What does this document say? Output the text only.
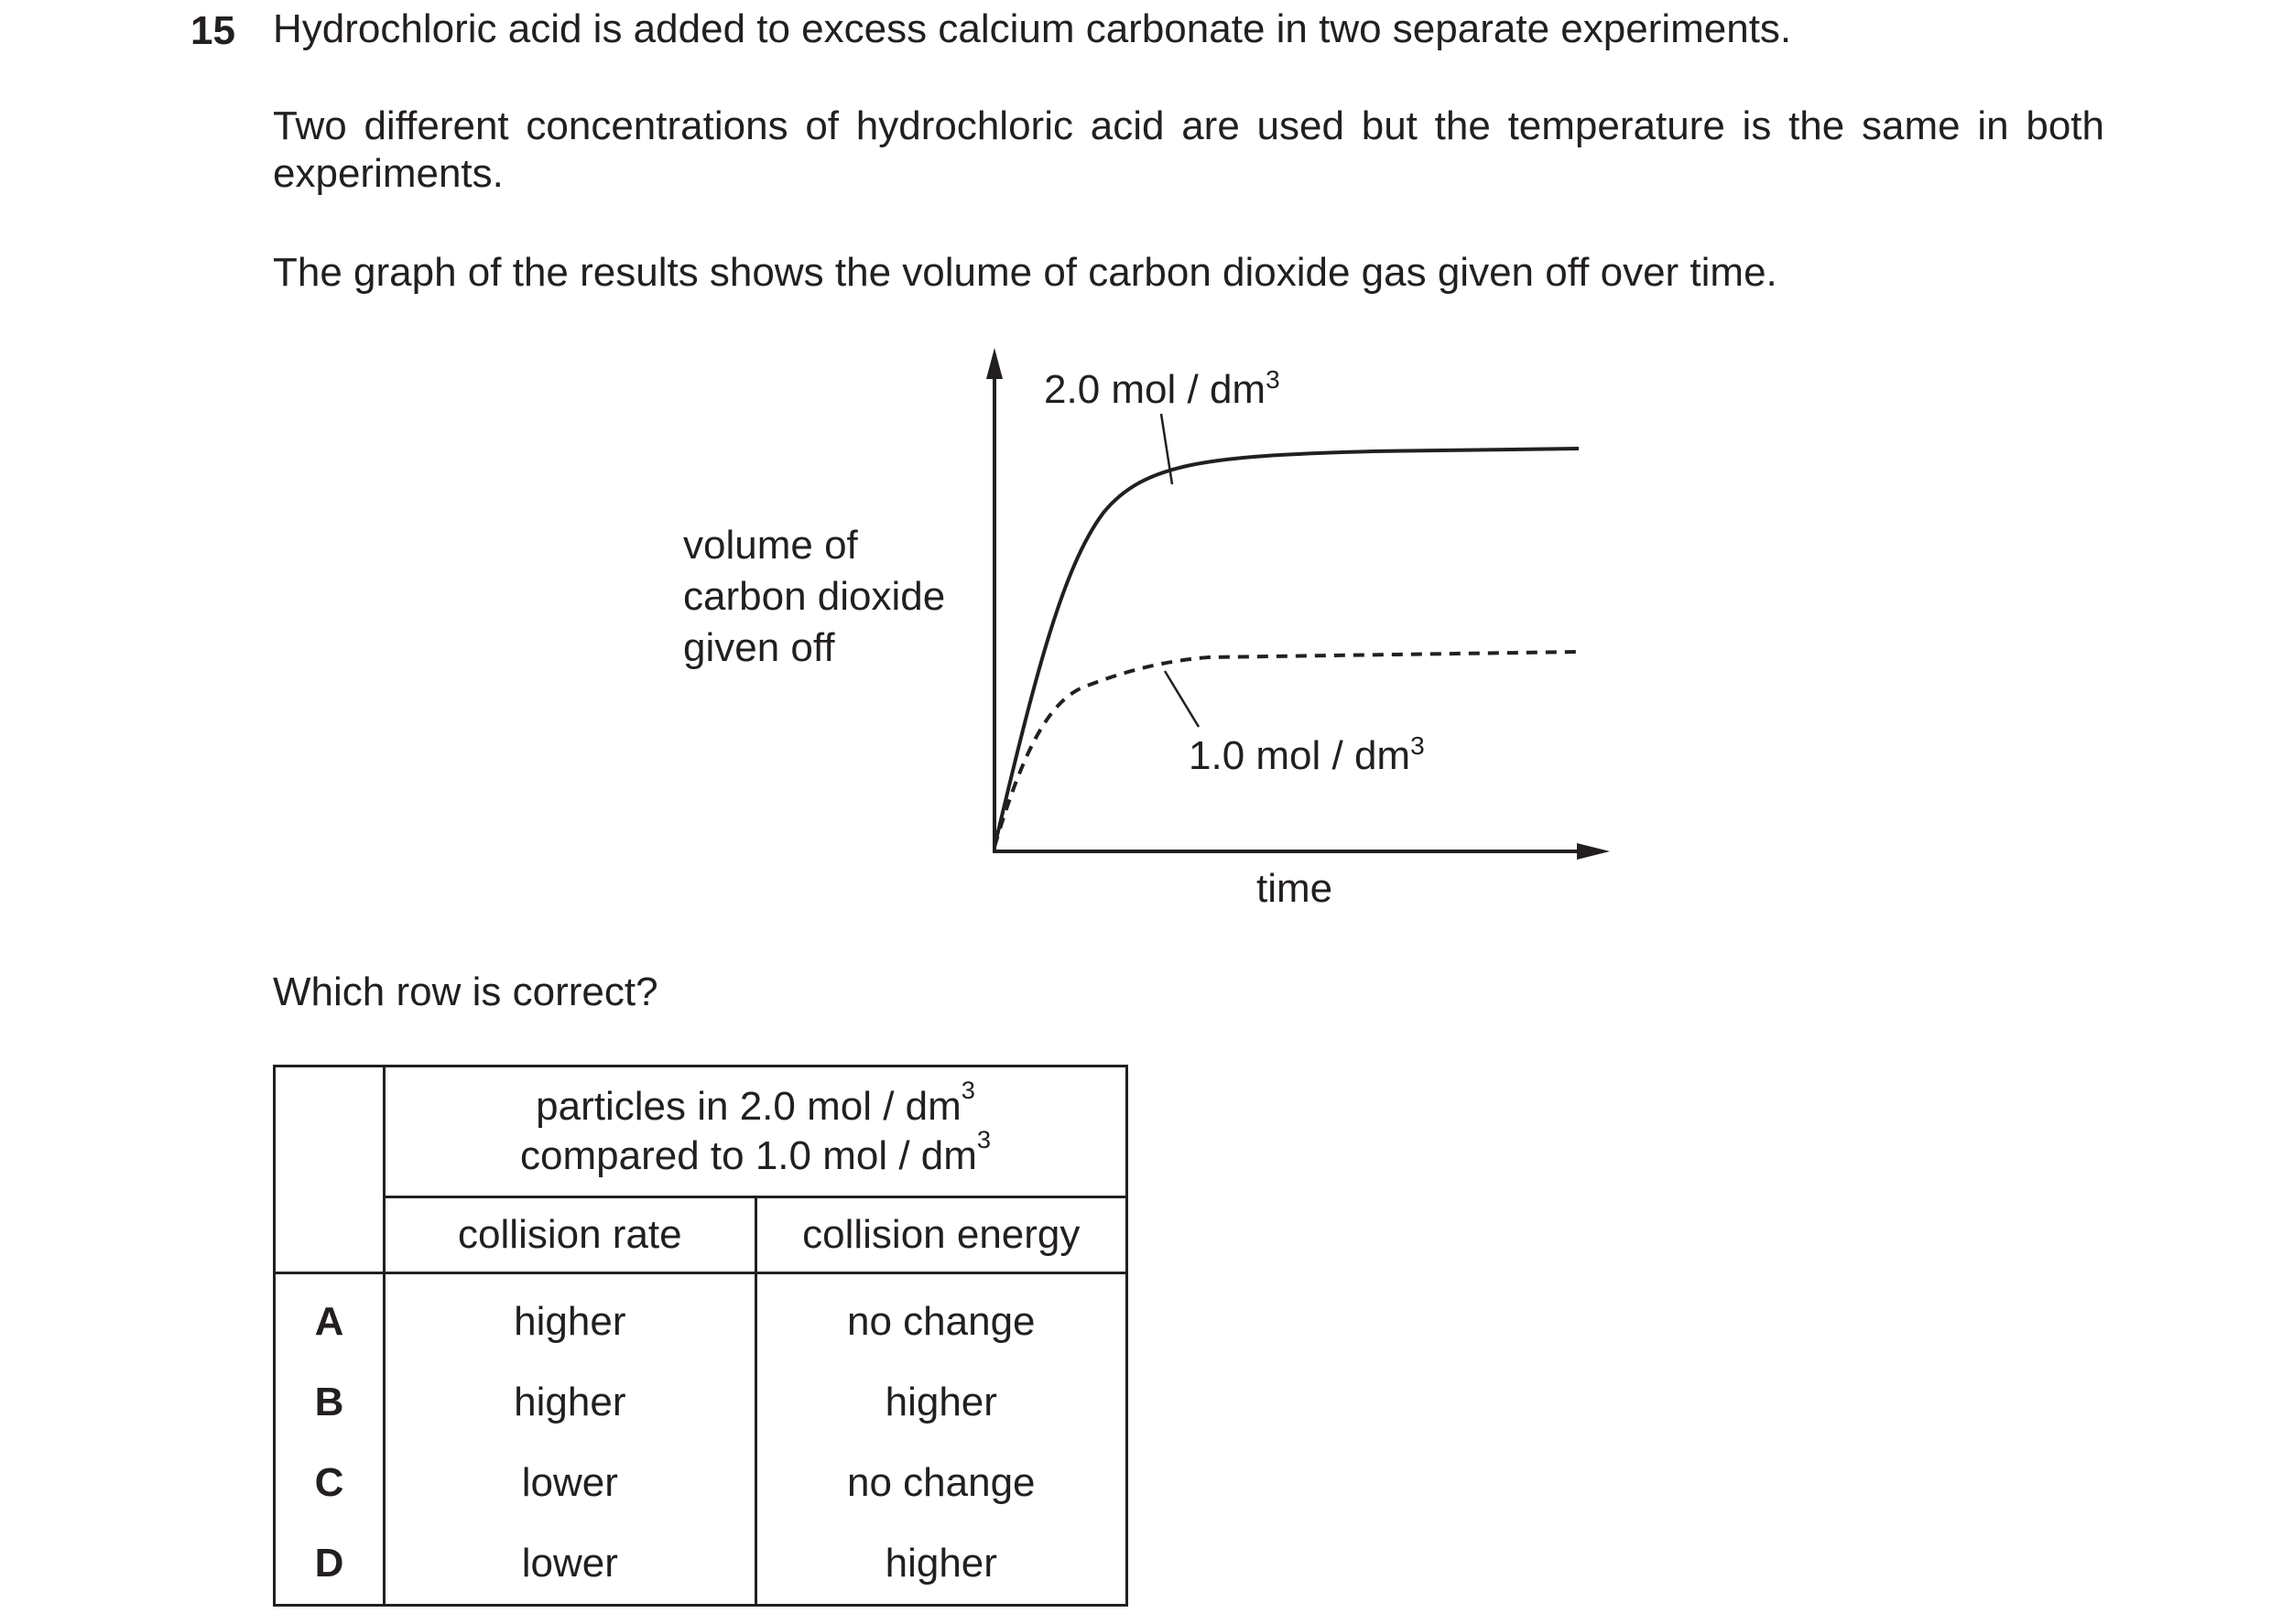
15 Hydrochloric acid is added to excess calcium carbonate in two separate experiments.
Two different concentrations of hydrochloric acid are used but the temperature is the same in both experiments.
The graph of the results shows the volume of carbon dioxide gas given off over time.
2.0 mol / $dm^3$
1.0 mol / $dm^3$
volume of carbon dioxide given off
time
Which row is correct?
	particles in 2.0 mol / $dm^3$
compared to 1.0 mol / $dm^3$
	collision rate	collision energy
A	higher	no change
B	higher	higher
C	lower	no change
D	lower	higher
